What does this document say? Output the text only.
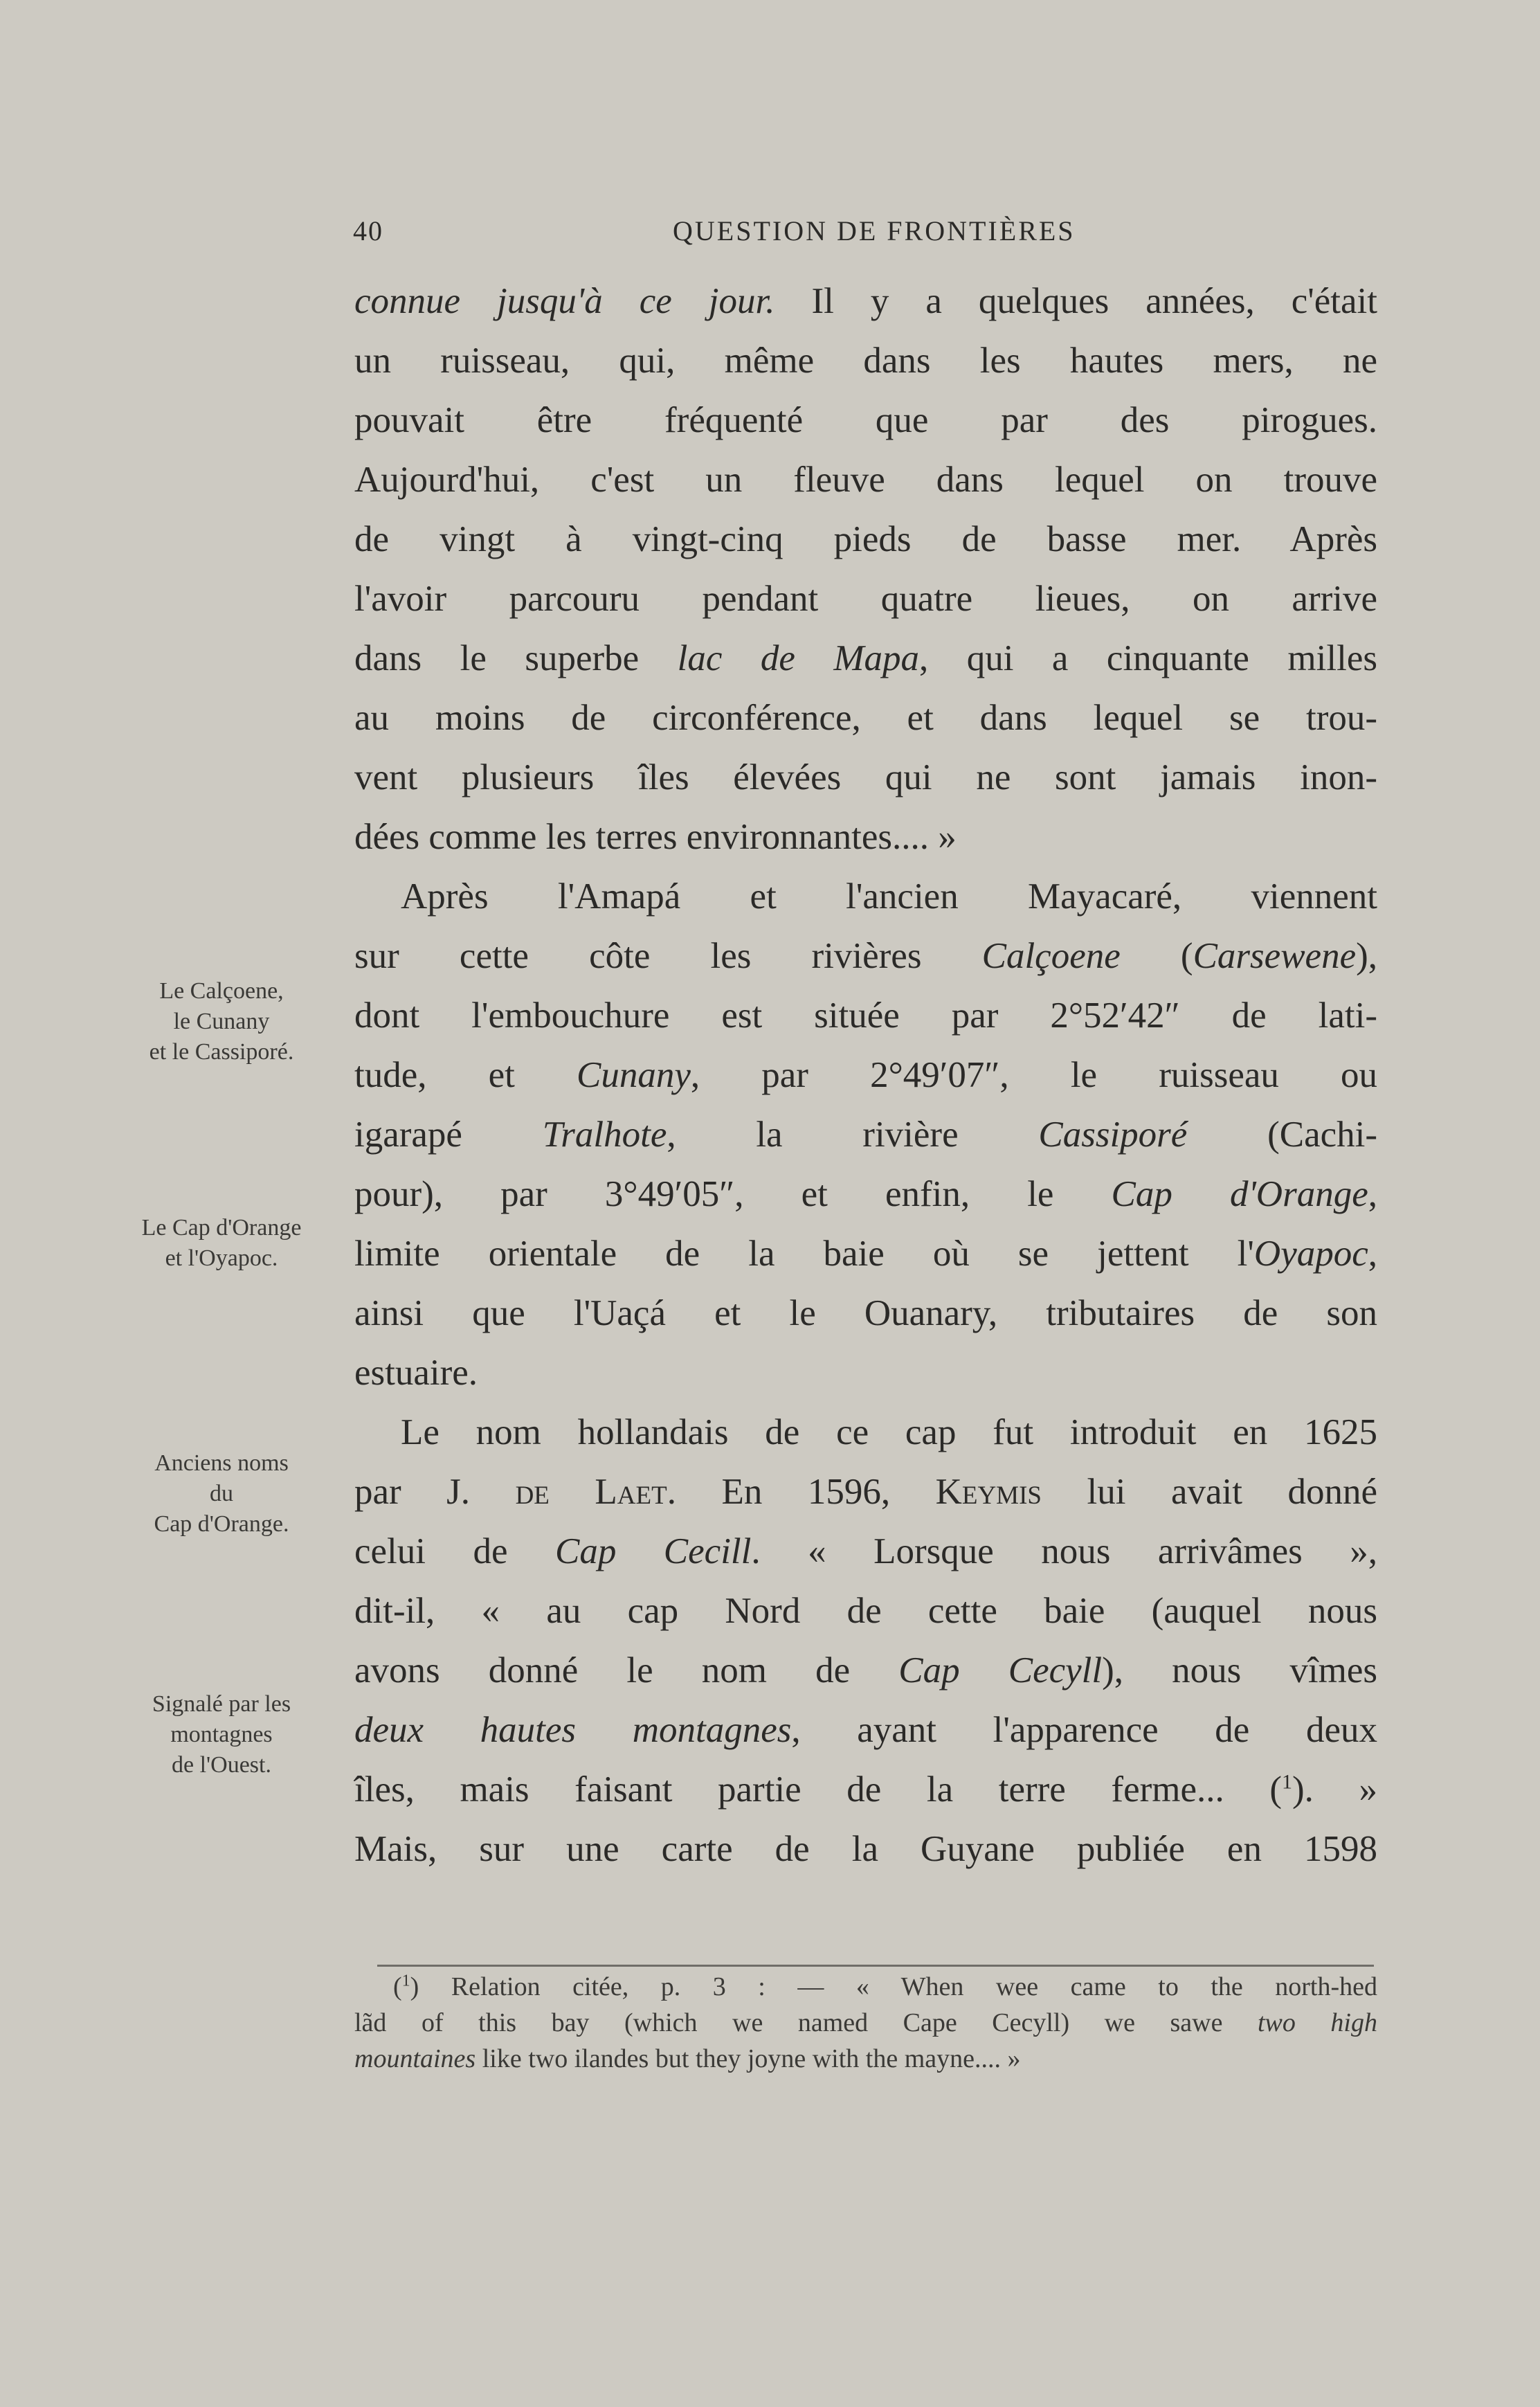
40	QUESTION DE FRONTIÈRES
Le Calçoene,
le Cunany
et le Cassiporé.
Le Cap d'Orange
et l'Oyapoc.
Anciens noms
du
Cap d'Orange.
Signalé par les
montagnes
de l'Ouest.
connue jusqu'à ce jour. Il y a quelques années, c'était
un ruisseau, qui, même dans les hautes mers, ne
pouvait être fréquenté que par des pirogues.
Aujourd'hui, c'est un fleuve dans lequel on trouve
de vingt à vingt-cinq pieds de basse mer. Après
l'avoir parcouru pendant quatre lieues, on arrive
dans le superbe lac de Mapa, qui a cinquante milles
au moins de circonférence, et dans lequel se trou-
vent plusieurs îles élevées qui ne sont jamais inon-
dées comme les terres environnantes.... »
Après l'Amapá et l'ancien Mayacaré, viennent
sur cette côte les rivières Calçoene (Carsewene),
dont l'embouchure est située par 2°52′42″ de lati-
tude, et Cunany, par 2°49′07″, le ruisseau ou
igarapé Tralhote, la rivière Cassiporé (Cachi-
pour), par 3°49′05″, et enfin, le Cap d'Orange,
limite orientale de la baie où se jettent l'Oyapoc,
ainsi que l'Uaçá et le Ouanary, tributaires de son
estuaire.
Le nom hollandais de ce cap fut introduit en 1625
par J. de Laet. En 1596, Keymis lui avait donné
celui de Cap Cecill. « Lorsque nous arrivâmes »,
dit-il, « au cap Nord de cette baie (auquel nous
avons donné le nom de Cap Cecyll), nous vîmes
deux hautes montagnes, ayant l'apparence de deux
îles, mais faisant partie de la terre ferme... ($^1$). »
Mais, sur une carte de la Guyane publiée en 1598
($^1$) Relation citée, p. 3 : — « When wee came to the north-hed
lãd of this bay (which we named Cape Cecyll) we sawe two high
mountaines like two ilandes but they joyne with the mayne.... »
